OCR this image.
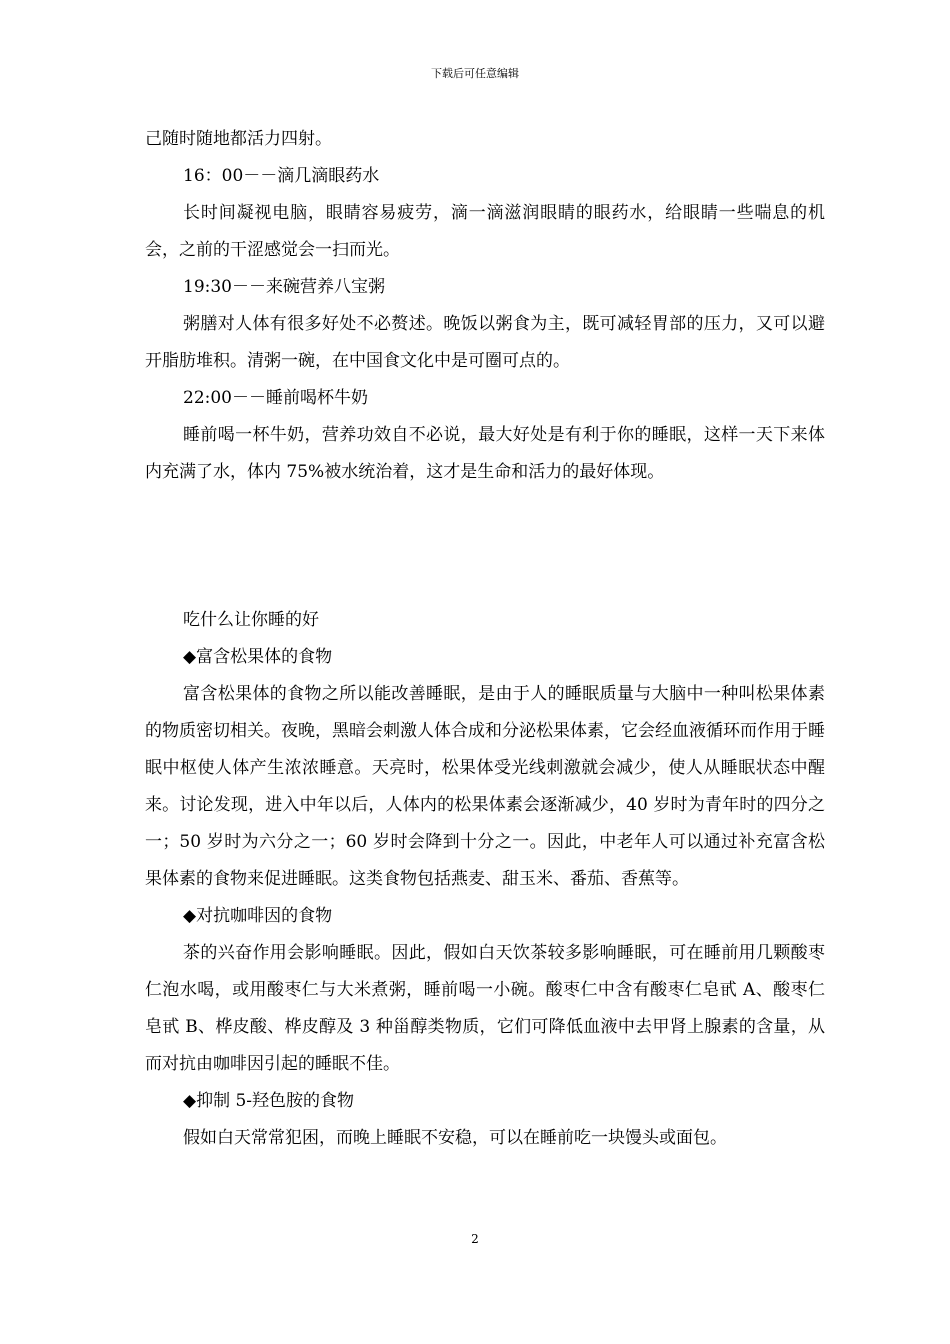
下载后可任意编辑

己随时随地都活力四射。

16：00－－滴几滴眼药水

长时间凝视电脑，眼睛容易疲劳，滴一滴滋润眼睛的眼药水，给眼睛一些喘息的机会，之前的干涩感觉会一扫而光。

19:30－－来碗营养八宝粥

粥膳对人体有很多好处不必赘述。晚饭以粥食为主，既可减轻胃部的压力，又可以避开脂肪堆积。清粥一碗，在中国食文化中是可圈可点的。

22:00－－睡前喝杯牛奶

睡前喝一杯牛奶，营养功效自不必说，最大好处是有利于你的睡眠，这样一天下来体内充满了水，体内 75%被水统治着，这才是生命和活力的最好体现。

吃什么让你睡的好

◆富含松果体的食物

富含松果体的食物之所以能改善睡眠，是由于人的睡眠质量与大脑中一种叫松果体素的物质密切相关。夜晚，黑暗会刺激人体合成和分泌松果体素，它会经血液循环而作用于睡眠中枢使人体产生浓浓睡意。天亮时，松果体受光线刺激就会减少，使人从睡眠状态中醒来。讨论发现，进入中年以后，人体内的松果体素会逐渐减少，40 岁时为青年时的四分之一；50 岁时为六分之一；60 岁时会降到十分之一。因此，中老年人可以通过补充富含松果体素的食物来促进睡眠。这类食物包括燕麦、甜玉米、番茄、香蕉等。

◆对抗咖啡因的食物

茶的兴奋作用会影响睡眠。因此，假如白天饮茶较多影响睡眠，可在睡前用几颗酸枣仁泡水喝，或用酸枣仁与大米煮粥，睡前喝一小碗。酸枣仁中含有酸枣仁皂甙 A、酸枣仁皂甙 B、桦皮酸、桦皮醇及 3 种甾醇类物质，它们可降低血液中去甲肾上腺素的含量，从而对抗由咖啡因引起的睡眠不佳。

◆抑制 5-羟色胺的食物

假如白天常常犯困，而晚上睡眠不安稳，可以在睡前吃一块馒头或面包。

2
